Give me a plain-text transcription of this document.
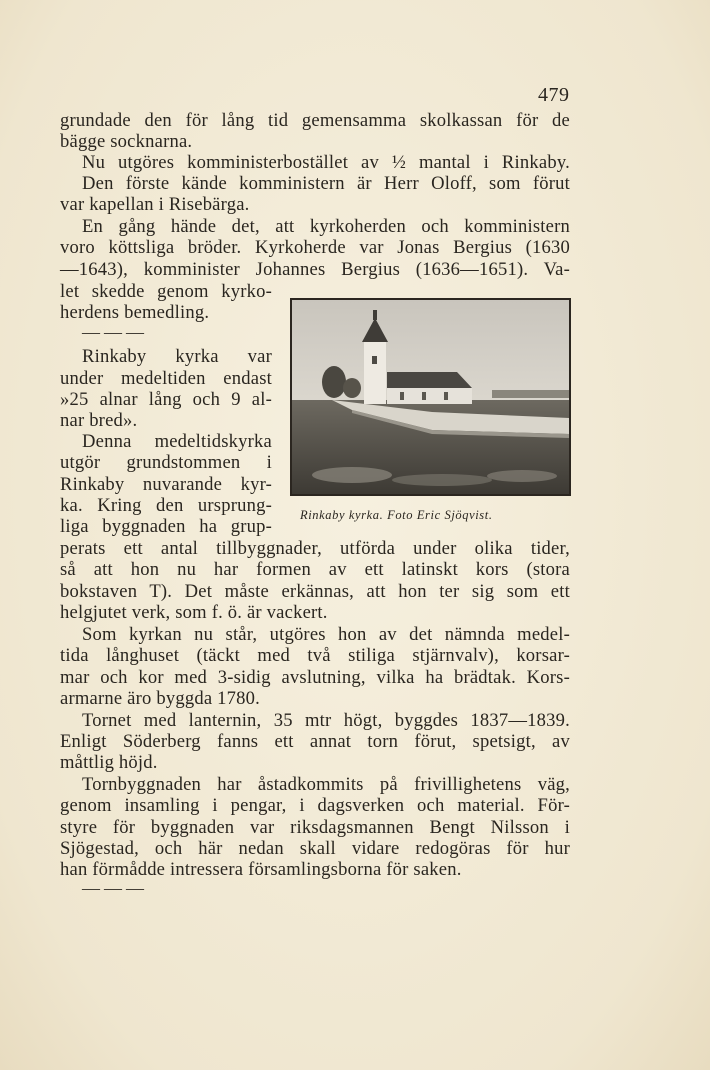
479
grundade den för lång tid gemensamma skolkassan för de
bägge socknarna.
Nu utgöres komministerbostället av ½ mantal i Rinkaby.
Den förste kände komministern är Herr Oloff, som förut
var kapellan i Risebärga.
En gång hände det, att kyrkoherden och komministern
voro köttsliga bröder. Kyrkoherde var Jonas Bergius (1630
—1643), komminister Johannes Bergius (1636—1651). Va-
let skedde genom kyrko-
herdens bemedling.
———
Rinkaby kyrka var
under medeltiden endast
»25 alnar lång och 9 al-
nar bred».
Denna medeltidskyrka
utgör grundstommen i
Rinkaby nuvarande kyr-
ka. Kring den ursprung-
liga byggnaden ha grup-
perats ett antal tillbyggnader, utförda under olika tider,
så att hon nu har formen av ett latinskt kors (stora
bokstaven T). Det måste erkännas, att hon ter sig som ett
helgjutet verk, som f. ö. är vackert.
Som kyrkan nu står, utgöres hon av det nämnda medel-
tida långhuset (täckt med två stiliga stjärnvalv), korsar-
mar och kor med 3-sidig avslutning, vilka ha brädtak. Kors-
armarne äro byggda 1780.
Tornet med lanternin, 35 mtr högt, byggdes 1837—1839.
Enligt Söderberg fanns ett annat torn förut, spetsigt, av
måttlig höjd.
Tornbyggnaden har åstadkommits på frivillighetens väg,
genom insamling i pengar, i dagsverken och material. För-
styre för byggnaden var riksdagsmannen Bengt Nilsson i
Sjögestad, och här nedan skall vidare redogöras för hur
han förmådde intressera församlingsborna för saken.
———
Rinkaby kyrka. Foto Eric Sjöqvist.
